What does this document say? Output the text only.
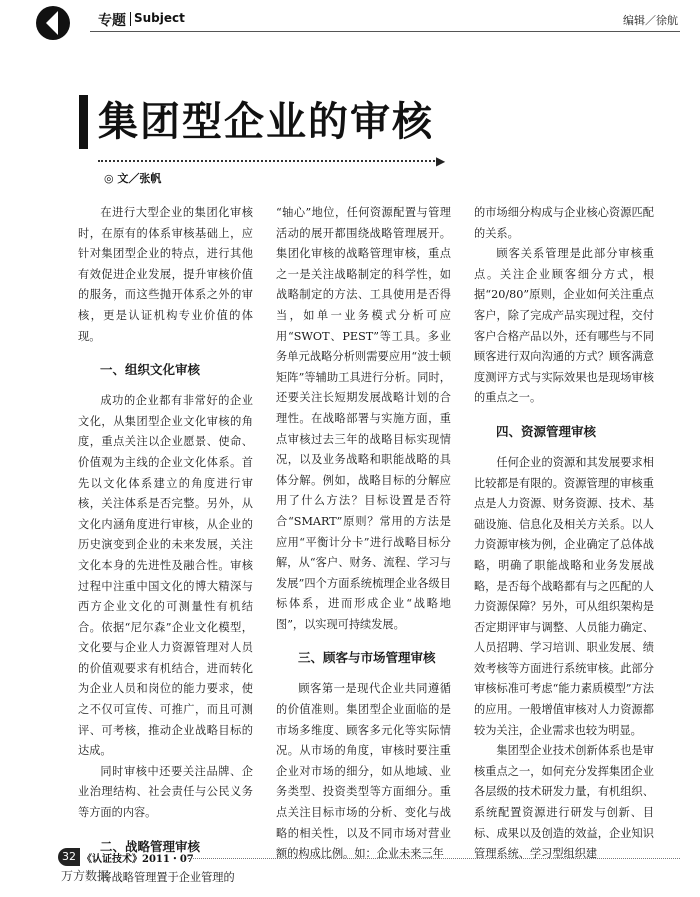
专题 Subject	编辑／徐航
集团型企业的审核
▶
◎ 文／张帆

在进行大型企业的集团化审核时，在原有的体系审核基础上，应针对集团型企业的特点，进行其他有效促进企业发展，提升审核价值的服务，而这些抛开体系之外的审核，更是认证机构专业价值的体现。

一、组织文化审核

成功的企业都有非常好的企业文化，从集团型企业文化审核的角度，重点关注以企业愿景、使命、价值观为主线的企业文化体系。首先以文化体系建立的角度进行审核，关注体系是否完整。另外，从文化内涵角度进行审核，从企业的历史演变到企业的未来发展，关注文化本身的先进性及融合性。审核过程中注重中国文化的博大精深与西方企业文化的可测量性有机结合。依据“尼尔森”企业文化模型，文化要与企业人力资源管理对人员的价值观要求有机结合，进而转化为企业人员和岗位的能力要求，使之不仅可宣传、可推广，而且可测评、可考核，推动企业战略目标的达成。

同时审核中还要关注品牌、企业治理结构、社会责任与公民义务等方面的内容。

二、战略管理审核

将战略管理置于企业管理的

“轴心”地位，任何资源配置与管理活动的展开都围绕战略管理展开。集团化审核的战略管理审核，重点之一是关注战略制定的科学性，如战略制定的方法、工具使用是否得当，如单一业务模式分析可应用“SWOT、PEST”等工具。多业务单元战略分析则需要应用“波士顿矩阵”等辅助工具进行分析。同时，还要关注长短期发展战略计划的合理性。在战略部署与实施方面，重点审核过去三年的战略目标实现情况，以及业务战略和职能战略的具体分解。例如，战略目标的分解应用了什么方法？目标设置是否符合“SMART”原则？常用的方法是应用“平衡计分卡”进行战略目标分解，从“客户、财务、流程、学习与发展”四个方面系统梳理企业各级目标体系，进而形成企业“战略地图”，以实现可持续发展。

三、顾客与市场管理审核

顾客第一是现代企业共同遵循的价值准则。集团型企业面临的是市场多维度、顾客多元化等实际情况。从市场的角度，审核时要注重企业对市场的细分，如从地域、业务类型、投资类型等方面细分。重点关注目标市场的分析、变化与战略的相关性，以及不同市场对营业额的构成比例。如：企业未来三年

的市场细分构成与企业核心资源匹配的关系。

顾客关系管理是此部分审核重点。关注企业顾客细分方式，根据“20/80”原则，企业如何关注重点客户，除了完成产品实现过程，交付客户合格产品以外，还有哪些与不同顾客进行双向沟通的方式？顾客满意度测评方式与实际效果也是现场审核的重点之一。

四、资源管理审核

任何企业的资源和其发展要求相比较都是有限的。资源管理的审核重点是人力资源、财务资源、技术、基础设施、信息化及相关方关系。以人力资源审核为例，企业确定了总体战略，明确了职能战略和业务发展战略，是否每个战略都有与之匹配的人力资源保障？另外，可从组织架构是否定期评审与调整、人员能力确定、人员招聘、学习培训、职业发展、绩效考核等方面进行系统审核。此部分审核标准可考虑“能力素质模型”方法的应用。一般增值审核对人力资源都较为关注，企业需求也较为明显。

集团型企业技术创新体系也是审核重点之一，如何充分发挥集团企业各层级的技术研发力量，有机组织、系统配置资源进行研发与创新、目标、成果以及创造的效益，企业知识管理系统、学习型组织建

32 《认证技术》2011・07
万方数据
